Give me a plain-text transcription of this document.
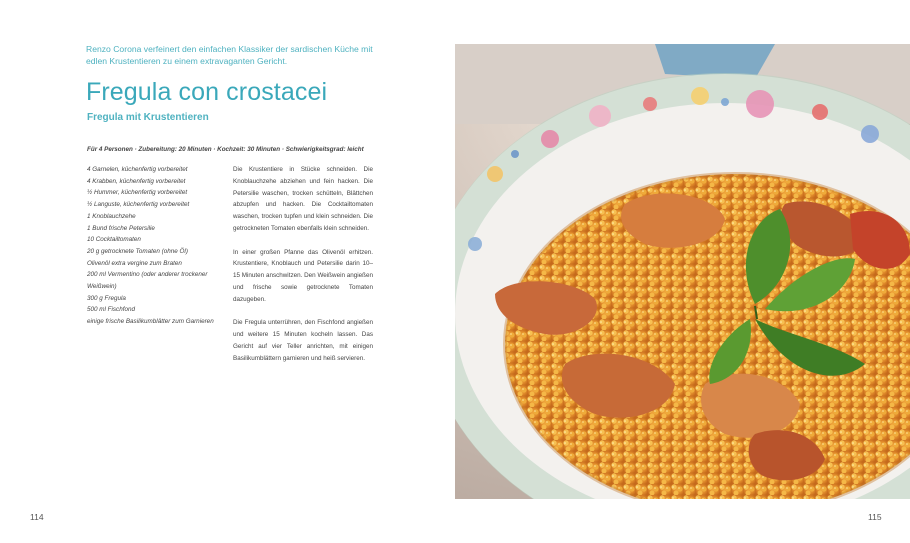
Renzo Corona verfeinert den einfachen Klassiker der sardischen Küche mit edlen Krustentieren zu einem extravaganten Gericht.
Fregula con crostacei
Fregula mit Krustentieren
Für 4 Personen · Zubereitung: 20 Minuten · Kochzeit: 30 Minuten · Schwierigkeitsgrad: leicht
4 Garnelen, küchenfertig vorbereitet
4 Krabben, küchenfertig vorbereitet
½ Hummer, küchenfertig vorbereitet
½ Languste, küchenfertig vorbereitet
1 Knoblauchzehe
1 Bund frische Petersilie
10 Cocktailtomaten
20 g getrocknete Tomaten (ohne Öl)
Olivenöl extra vergine zum Braten
200 ml Vermentino (oder anderer trockener Weißwein)
300 g Fregula
500 ml Fischfond
einige frische Basilikumblätter zum Garnieren

Die Krustentiere in Stücke schneiden. Die Knoblauchzehe abziehen und fein hacken. Die Petersilie waschen, trocken schütteln, Blättchen abzupfen und hacken. Die Cocktailtomaten waschen, trocken tupfen und klein schneiden. Die getrockneten Tomaten ebenfalls klein schneiden.

In einer großen Pfanne das Olivenöl erhitzen. Krustentiere, Knoblauch und Petersilie darin 10–15 Minuten anschwitzen. Den Weißwein angießen und frische sowie getrocknete Tomaten dazugeben.

Die Fregula unterrühren, den Fischfond angießen und weitere 15 Minuten kocheln lassen. Das Gericht auf vier Teller anrichten, mit einigen Basilikumblättern garnieren und heiß servieren.

114	115
